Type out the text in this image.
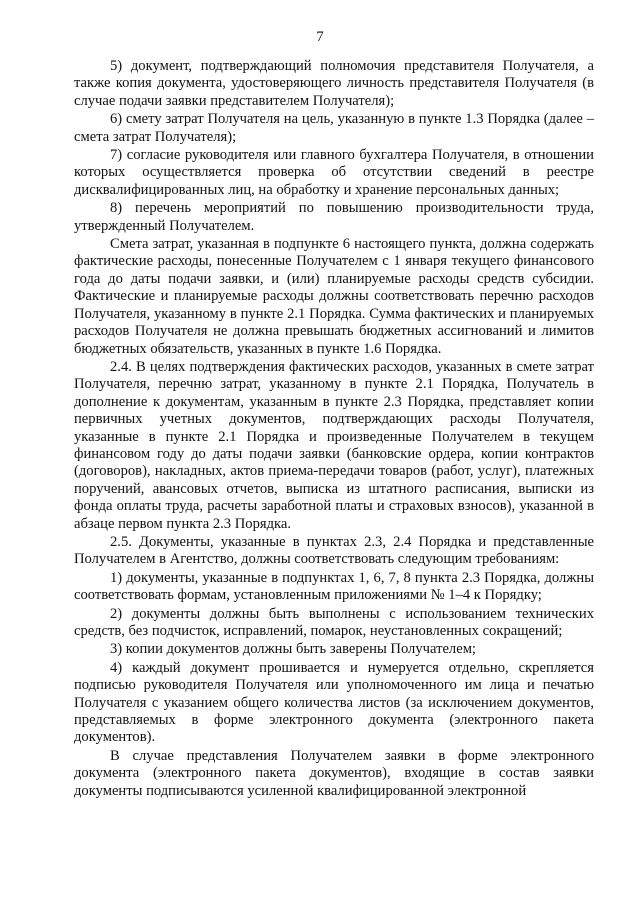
7

5) документ, подтверждающий полномочия представителя Получателя, а также копия документа, удостоверяющего личность представителя Получателя (в случае подачи заявки представителем Получателя);

6) смету затрат Получателя на цель, указанную в пункте 1.3 Порядка (далее – смета затрат Получателя);

7) согласие руководителя или главного бухгалтера Получателя, в отношении которых осуществляется проверка об отсутствии сведений в реестре дисквалифицированных лиц, на обработку и хранение персональных данных;

8) перечень мероприятий по повышению производительности труда, утвержденный Получателем.

Смета затрат, указанная в подпункте 6 настоящего пункта, должна содержать фактические расходы, понесенные Получателем с 1 января текущего финансового года до даты подачи заявки, и (или) планируемые расходы средств субсидии. Фактические и планируемые расходы должны соответствовать перечню расходов Получателя, указанному в пункте 2.1 Порядка. Сумма фактических и планируемых расходов Получателя не должна превышать бюджетных ассигнований и лимитов бюджетных обязательств, указанных в пункте 1.6 Порядка.

2.4. В целях подтверждения фактических расходов, указанных в смете затрат Получателя, перечню затрат, указанному в пункте 2.1 Порядка, Получатель в дополнение к документам, указанным в пункте 2.3 Порядка, представляет копии первичных учетных документов, подтверждающих расходы Получателя, указанные в пункте 2.1 Порядка и произведенные Получателем в текущем финансовом году до даты подачи заявки (банковские ордера, копии контрактов (договоров), накладных, актов приема-передачи товаров (работ, услуг), платежных поручений, авансовых отчетов, выписка из штатного расписания, выписки из фонда оплаты труда, расчеты заработной платы и страховых взносов), указанной в абзаце первом пункта 2.3 Порядка.

2.5. Документы, указанные в пунктах 2.3, 2.4 Порядка и представленные Получателем в Агентство, должны соответствовать следующим требованиям:

1) документы, указанные в подпунктах 1, 6, 7, 8 пункта 2.3 Порядка, должны соответствовать формам, установленным приложениями № 1–4 к Порядку;

2) документы должны быть выполнены с использованием технических средств, без подчисток, исправлений, помарок, неустановленных сокращений;

3) копии документов должны быть заверены Получателем;

4) каждый документ прошивается и нумеруется отдельно, скрепляется подписью руководителя Получателя или уполномоченного им лица и печатью Получателя с указанием общего количества листов (за исключением документов, представляемых в форме электронного документа (электронного пакета документов).

В случае представления Получателем заявки в форме электронного документа (электронного пакета документов), входящие в состав заявки документы подписываются усиленной квалифицированной электронной
